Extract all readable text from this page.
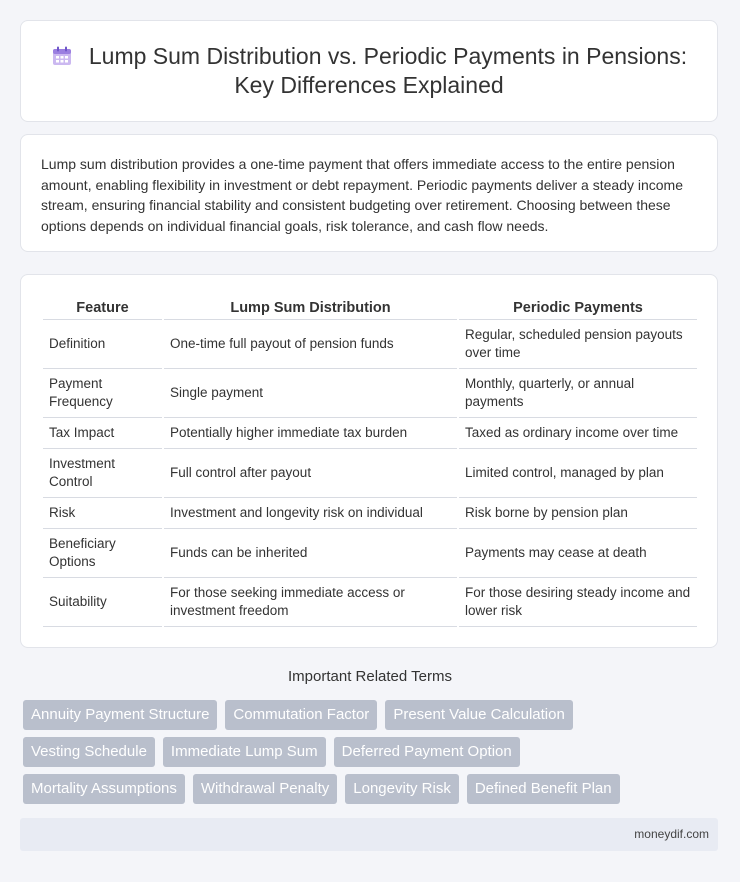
Lump Sum Distribution vs. Periodic Payments in Pensions: Key Differences Explained

Lump sum distribution provides a one-time payment that offers immediate access to the entire pension amount, enabling flexibility in investment or debt repayment. Periodic payments deliver a steady income stream, ensuring financial stability and consistent budgeting over retirement. Choosing between these options depends on individual financial goals, risk tolerance, and cash flow needs.

Feature	Lump Sum Distribution	Periodic Payments
Definition	One-time full payout of pension funds	Regular, scheduled pension payouts over time
Payment Frequency	Single payment	Monthly, quarterly, or annual payments
Tax Impact	Potentially higher immediate tax burden	Taxed as ordinary income over time
Investment Control	Full control after payout	Limited control, managed by plan
Risk	Investment and longevity risk on individual	Risk borne by pension plan
Beneficiary Options	Funds can be inherited	Payments may cease at death
Suitability	For those seeking immediate access or investment freedom	For those desiring steady income and lower risk
Important Related Terms
Annuity Payment Structure	Commutation Factor	Present Value Calculation
Vesting Schedule	Immediate Lump Sum	Deferred Payment Option
Mortality Assumptions	Withdrawal Penalty	Longevity Risk	Defined Benefit Plan
moneydif.com
